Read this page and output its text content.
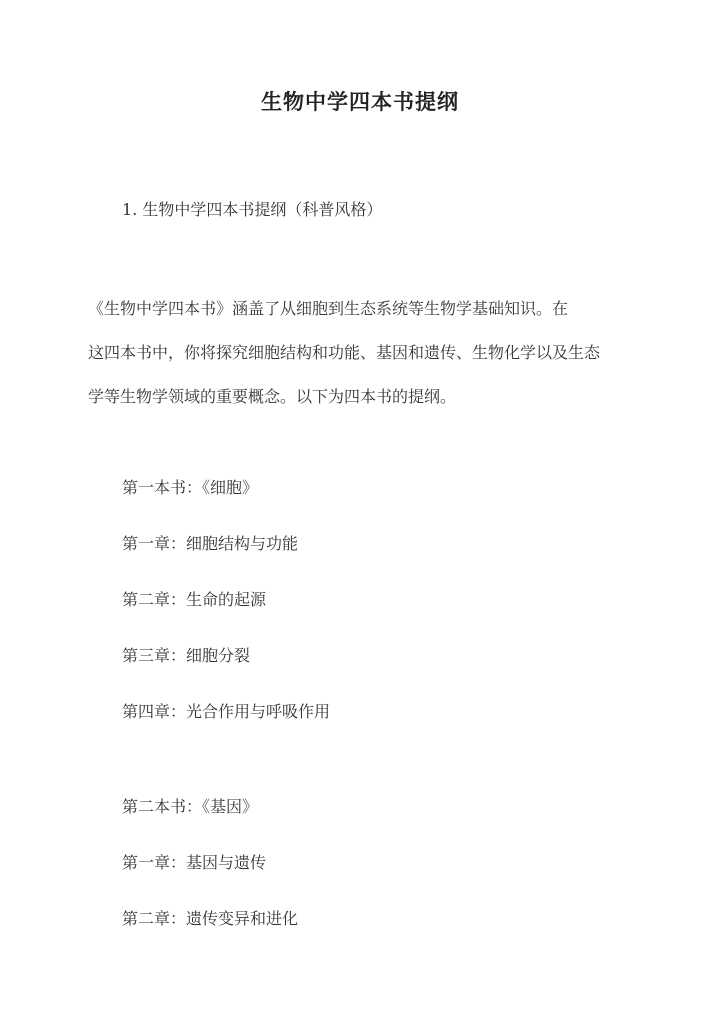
生物中学四本书提纲
1. 生物中学四本书提纲（科普风格）
《生物中学四本书》涵盖了从细胞到生态系统等生物学基础知识。在
这四本书中，你将探究细胞结构和功能、基因和遗传、生物化学以及生态
学等生物学领域的重要概念。以下为四本书的提纲。
第一本书：《细胞》
第一章：细胞结构与功能
第二章：生命的起源
第三章：细胞分裂
第四章：光合作用与呼吸作用
第二本书：《基因》
第一章：基因与遗传
第二章：遗传变异和进化
